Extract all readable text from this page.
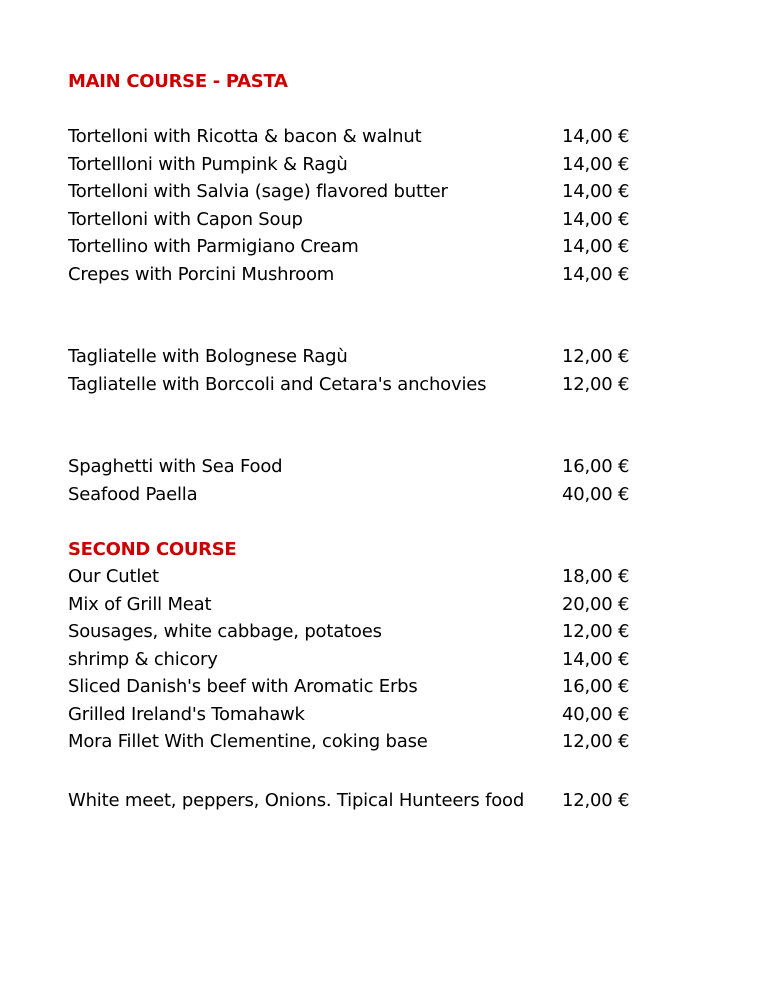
MAIN COURSE - PASTA
Tortelloni with Ricotta & bacon & walnut	14,00 €
Tortellloni with Pumpink & Ragù	14,00 €
Tortelloni with Salvia (sage) flavored butter	14,00 €
Tortelloni with Capon Soup	14,00 €
Tortellino with Parmigiano Cream	14,00 €
Crepes with Porcini Mushroom	14,00 €
Tagliatelle with Bolognese Ragù	12,00 €
Tagliatelle with Borccoli and Cetara's anchovies	12,00 €
Spaghetti with Sea Food	16,00 €
Seafood Paella	40,00 €
SECOND COURSE
Our Cutlet	18,00 €
Mix of Grill Meat	20,00 €
Sousages, white cabbage, potatoes	12,00 €
shrimp & chicory	14,00 €
Sliced Danish's beef with Aromatic Erbs	16,00 €
Grilled Ireland's Tomahawk	40,00 €
Mora Fillet With Clementine, coking base	12,00 €
White meet, peppers, Onions. Tipical Hunteers food 12,00 €
